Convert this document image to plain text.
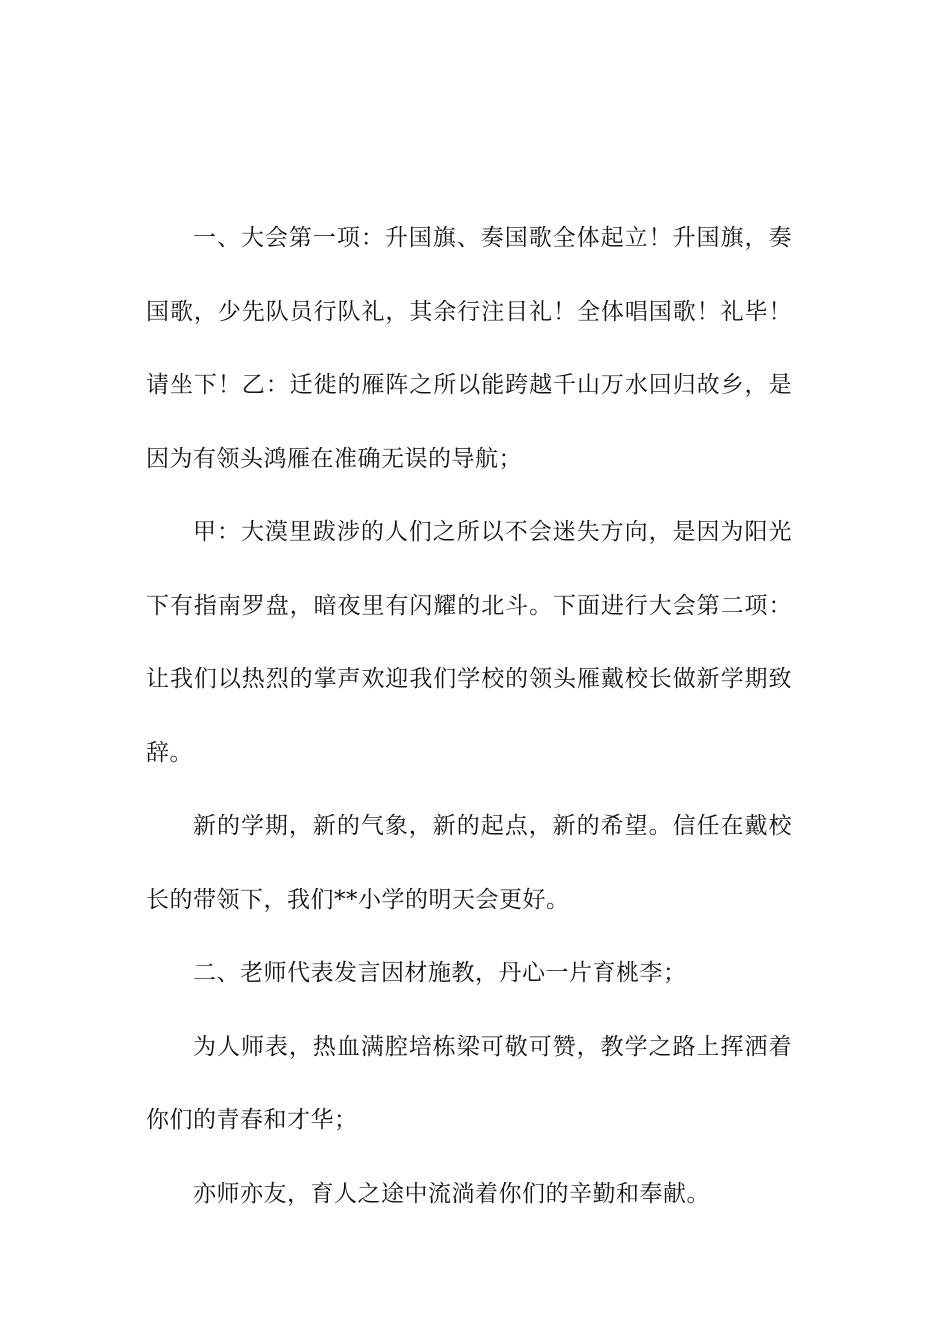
一、大会第一项：升国旗、奏国歌全体起立！升国旗，奏国歌，少先队员行队礼，其余行注目礼！全体唱国歌！礼毕！请坐下！乙：迁徙的雁阵之所以能跨越千山万水回归故乡，是因为有领头鸿雁在准确无误的导航；

甲：大漠里跋涉的人们之所以不会迷失方向，是因为阳光下有指南罗盘，暗夜里有闪耀的北斗。下面进行大会第二项：让我们以热烈的掌声欢迎我们学校的领头雁戴校长做新学期致辞。

新的学期，新的气象，新的起点，新的希望。信任在戴校长的带领下，我们**小学的明天会更好。

二、老师代表发言因材施教，丹心一片育桃李；

为人师表，热血满腔培栋梁可敬可赞，教学之路上挥洒着你们的青春和才华；

亦师亦友，育人之途中流淌着你们的辛勤和奉献。
